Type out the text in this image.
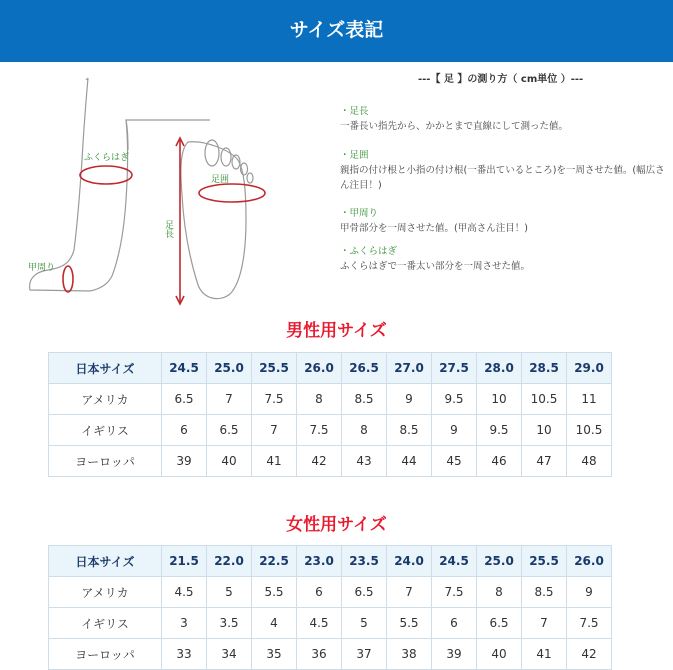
サイズ表記
---【 足 】の測り方（ cm単位 ）---
ふくらはぎ
甲周り
足囲
足長
・足長
一番長い指先から、かかとまで直線にして測った値。
・足囲
親指の付け根と小指の付け根(一番出ているところ)を一周させた値。(幅広さん注目！)
・甲周り
甲骨部分を一周させた値。(甲高さん注目！)
・ふくらはぎ
ふくらはぎで一番太い部分を一周させた値。
男性用サイズ
日本サイズ	24.5	25.0	25.5	26.0	26.5	27.0	27.5	28.0	28.5	29.0
アメリカ	6.5	7	7.5	8	8.5	9	9.5	10	10.5	11
イギリス	6	6.5	7	7.5	8	8.5	9	9.5	10	10.5
ヨーロッパ	39	40	41	42	43	44	45	46	47	48
女性用サイズ
日本サイズ	21.5	22.0	22.5	23.0	23.5	24.0	24.5	25.0	25.5	26.0
アメリカ	4.5	5	5.5	6	6.5	7	7.5	8	8.5	9
イギリス	3	3.5	4	4.5	5	5.5	6	6.5	7	7.5
ヨーロッパ	33	34	35	36	37	38	39	40	41	42
